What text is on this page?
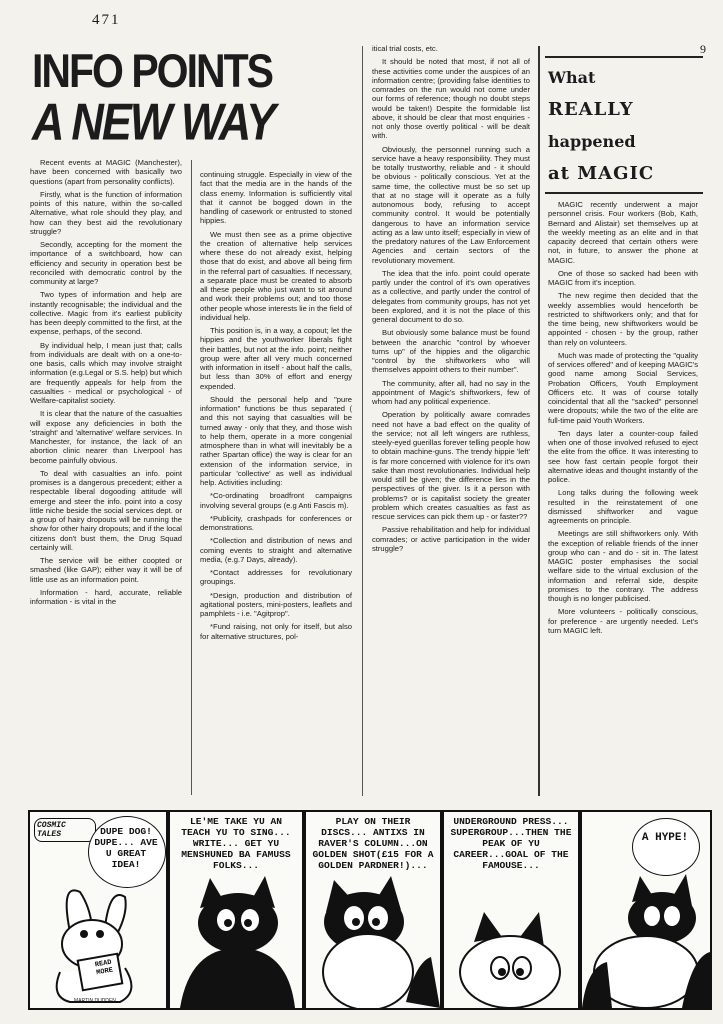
471
9
INFO POINTS
A NEW WAY

Recent events at MAGIC (Manchester), have been concerned with basically two questions (apart from personality conflicts).

Firstly, what is the function of information points of this nature, within the so-called Alternative, what role should they play, and how can they best aid the revolutionary struggle?

Secondly, accepting for the moment the importance of a switchboard, how can efficiency and security in operation best be reconciled with democratic control by the community at large?

Two types of information and help are instantly recognisable; the individual and the collective. Magic from it's earliest publicity has been deeply committed to the first, at the expense, perhaps, of the second.

By individual help, I mean just that; calls from individuals are dealt with on a one-to-one basis, calls which may involve straight information (e.g.Legal or S.S. help) but which are frequently appeals for help from the casualties - medical or psychological - of Welfare-capitalist society.

It is clear that the nature of the casualties will expose any deficiencies in both the 'straight' and 'alternative' welfare services. In Manchester, for instance, the lack of an abortion clinic nearer than Liverpool has become painfully obvious.

To deal with casualties an info. point promises is a dangerous precedent; either a respectable liberal dogooding attitude will emerge and steer the info. point into a cosy little niche beside the social services dept. or a group of hairy dropouts will be running the show for other hairy dropouts; and if the local citizens don't bust them, the Drug Squad certainly will.

The service will be either coopted or smashed (like GAP); either way it will be of little use as an information point.

Information - hard, accurate, reliable information - is vital in the

continuing struggle. Especially in view of the fact that the media are in the hands of the class enemy. Information is sufficiently vital that it cannot be bogged down in the handling of casework or entrusted to stoned hippies.

We must then see as a prime objective the creation of alternative help services where these do not already exist, helping those that do exist, and above all being firm in the referral part of casualties. If necessary, a separate place must be created to absorb all these people who just want to sit around and work their problems out; and too those other people whose interests lie in the field of individual help.

This position is, in a way, a copout; let the hippies and the youthworker liberals fight their battles, but not at the info. point; neither group were after all very much concerned with information in itself - about half the calls, but less than 30% of effort and energy expended.

Should the personal help and "pure information" functions be thus separated ( and this not saying that casualties will be turned away - only that they, and those wish to help them, operate in a more congenial atmosphere than in what will inevitably be a rather Spartan office) the way is clear for an extension of the information service, in particular 'collective' as well as individual help. Activities including:

*Co-ordinating broadfront campaigns involving several groups (e.g Anti Fascis m).

*Publicity, crashpads for conferences or demonstrations.

*Collection and distribution of news and coming events to straight and alternative media, (e.g.7 Days, already).

*Contact addresses for revolutionary groupings.

*Design, production and distribution of agitational posters, mini-posters, leaflets and pamphlets - i.e. "Agitprop".

*Fund raising, not only for itself, but also for alternative structures, pol-

itical trial costs, etc.

It should be noted that most, if not all of these activities come under the auspices of an information centre; (providing false identities to comrades on the run would not come under our forms of reference; though no doubt steps would be taken!) Despite the formidable list above, it should be clear that most enquiries - not only those overtly political - will be dealt with.

Obviously, the personnel running such a service have a heavy responsibility. They must be totally trustworthy, reliable and - it should be obvious - politically conscious. Yet at the same time, the collective must be so set up that at no stage will it operate as a fully autonomous body, refusing to accept community control. It would be potentially dangerous to have an information service acting as a law unto itself; especially in view of the predatory natures of the Law Enforcement Agencies and certain sectors of the revolutionary movement.

The idea that the info. point could operate partly under the control of it's own operatives as a collective, and partly under the control of delegates from community groups, has not yet been explored, and it is not the place of this general document to do so.

But obviously some balance must be found between the anarchic "control by whoever turns up" of the hippies and the oligarchic "control by the shiftworkers who will themselves appoint others to their number".

The community, after all, had no say in the appointment of Magic's shiftworkers, few of whom had any political experience.

Operation by politically aware comrades need not have a bad effect on the quality of the service; not all left wingers are ruthless, steely-eyed guerillas forever telling people how to obtain machine-guns. The trendy hippie 'left' is far more concerned with violence for it's own sake than most revolutionaries. Individual help would still be given; the difference lies in the perspectives of the giver. Is it a person with problems? or is capitalist society the greater problem which creates casualties as fast as rescue services can pick them up - or faster??

Passive rehabilitation and help for individual comrades; or active participation in the wider struggle?

What
REALLY
happened
at MAGIC

MAGIC recently underwent a major personnel crisis. Four workers (Bob, Kath, Bernard and Alistair) set themselves up at the weekly meeting as an elite and in that capacity decreed that certain others were not, in future, to answer the phone at MAGIC.

One of those so sacked had been with MAGIC from it's inception.

The new regime then decided that the weekly assemblies would henceforth be restricted to shiftworkers only; and that for the time being, new shiftworkers would be appointed - chosen - by the group, rather than rely on volunteers.

Much was made of protecting the "quality of services offered" and of keeping MAGIC's good name among Social Services, Probation Officers, Youth Employment Officers etc. It was of course totally coincidental that all the "sacked" personnel were dropouts; while the two of the elite are full-time paid Youth Workers.

Ten days later a counter-coup failed when one of those involved refused to eject the elite from the office. It was interesting to see how fast certain people forgot their alternative ideas and thought instantly of the police.

Long talks during the following week resulted in the reinstatement of one dismissed shiftworker and vague agreements on principle.

Meetings are still shiftworkers only. With the exception of reliable friends of the inner group who can - and do - sit in. The latest MAGIC poster emphasises the social welfare side to the virtual exclusion of the information and referral side, despite promises to the contrary. The address though is no longer publicised.

More volunteers - politically conscious, for preference - are urgently needed. Let's turn MAGIC left.

COSMIC TALES	DUPE DOG! DUPE... AVE U GREAT IDEA!
READ MORE
MARTIN DUDDEN
LE'ME TAKE YU AN TEACH YU TO SING... WRITE... GET YU MENSHUNED BA FAMUSS FOLKS...
PLAY ON THEIR DISCS... ANTIXS IN RAVER'S COLUMN...ON GOLDEN SHOT(£15 FOR A GOLDEN PARDNER!)...
UNDERGROUND PRESS... SUPERGROUP...THEN THE PEAK OF YU CAREER...GOAL OF THE FAMOUSE...
A HYPE!
